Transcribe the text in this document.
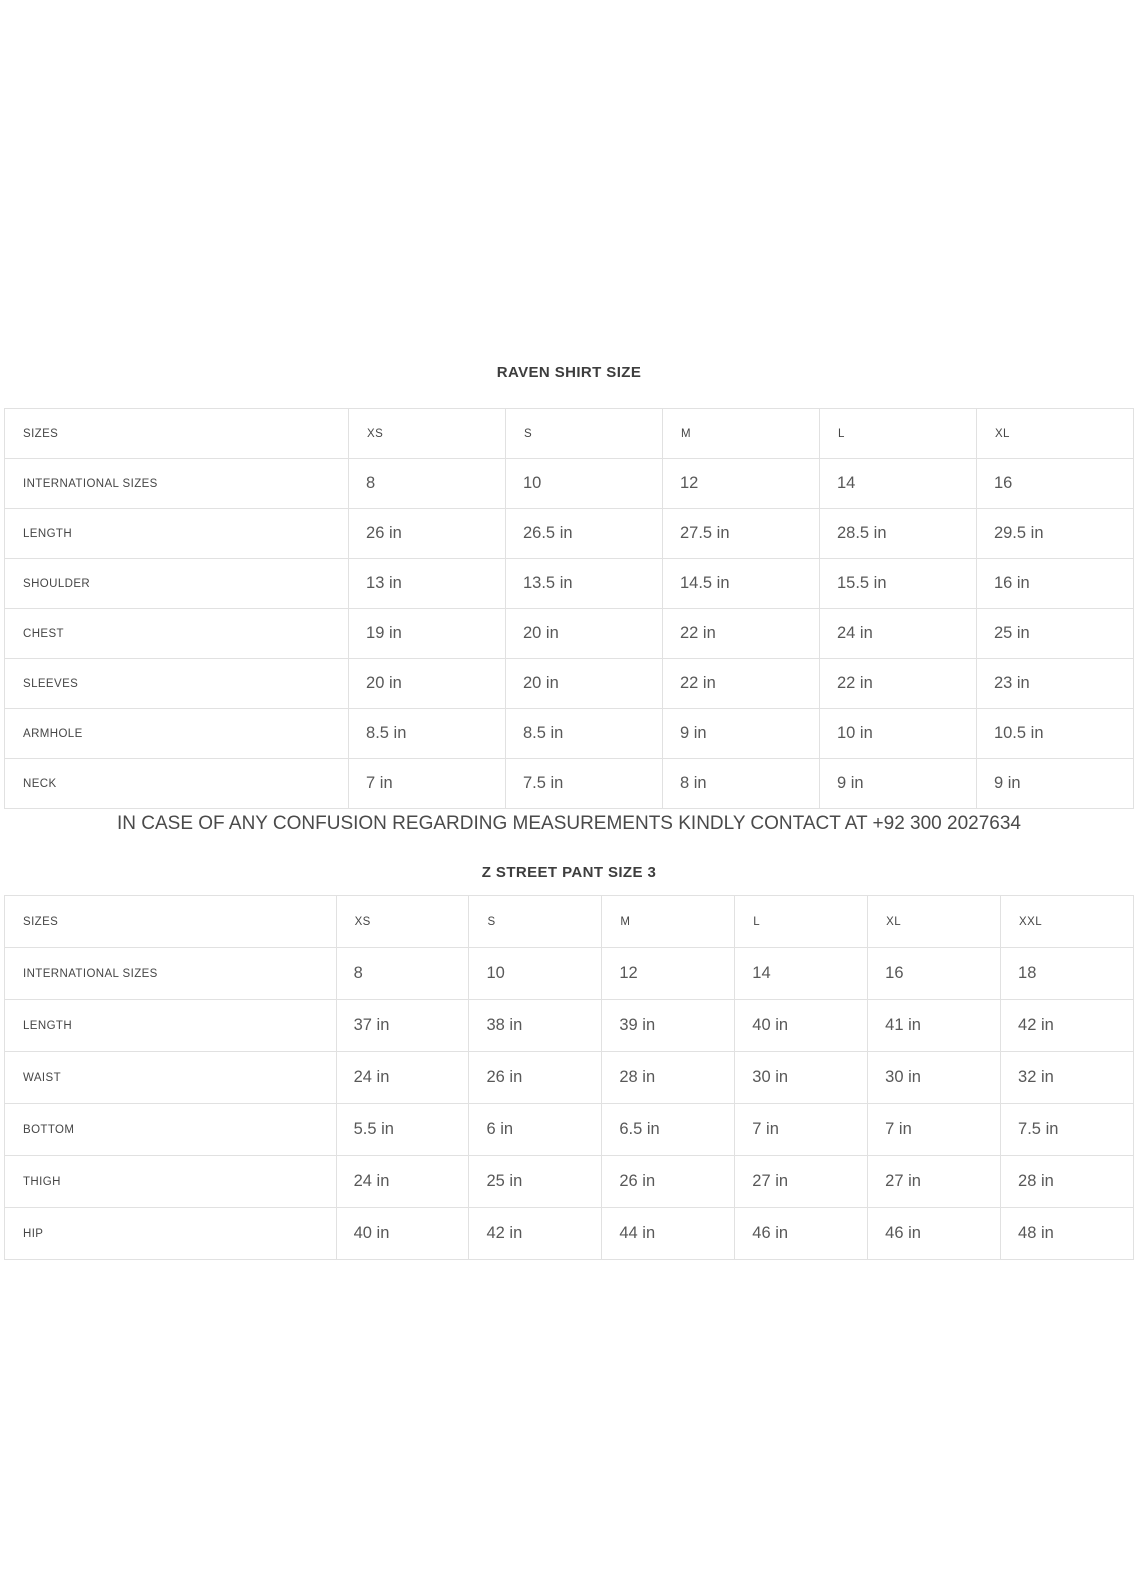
RAVEN SHIRT SIZE
SIZES	XS	S	M	L	XL
INTERNATIONAL SIZES	8	10	12	14	16
LENGTH	26 in	26.5 in	27.5 in	28.5 in	29.5 in
SHOULDER	13 in	13.5 in	14.5 in	15.5 in	16 in
CHEST	19 in	20 in	22 in	24 in	25 in
SLEEVES	20 in	20 in	22 in	22 in	23 in
ARMHOLE	8.5 in	8.5 in	9 in	10 in	10.5 in
NECK	7 in	7.5 in	8 in	9 in	9 in

IN CASE OF ANY CONFUSION REGARDING MEASUREMENTS KINDLY CONTACT AT +92 300 2027634

Z STREET PANT SIZE 3
SIZES	XS	S	M	L	XL	XXL
INTERNATIONAL SIZES	8	10	12	14	16	18
LENGTH	37 in	38 in	39 in	40 in	41 in	42 in
WAIST	24 in	26 in	28 in	30 in	30 in	32 in
BOTTOM	5.5 in	6 in	6.5 in	7 in	7 in	7.5 in
THIGH	24 in	25 in	26 in	27 in	27 in	28 in
HIP	40 in	42 in	44 in	46 in	46 in	48 in
